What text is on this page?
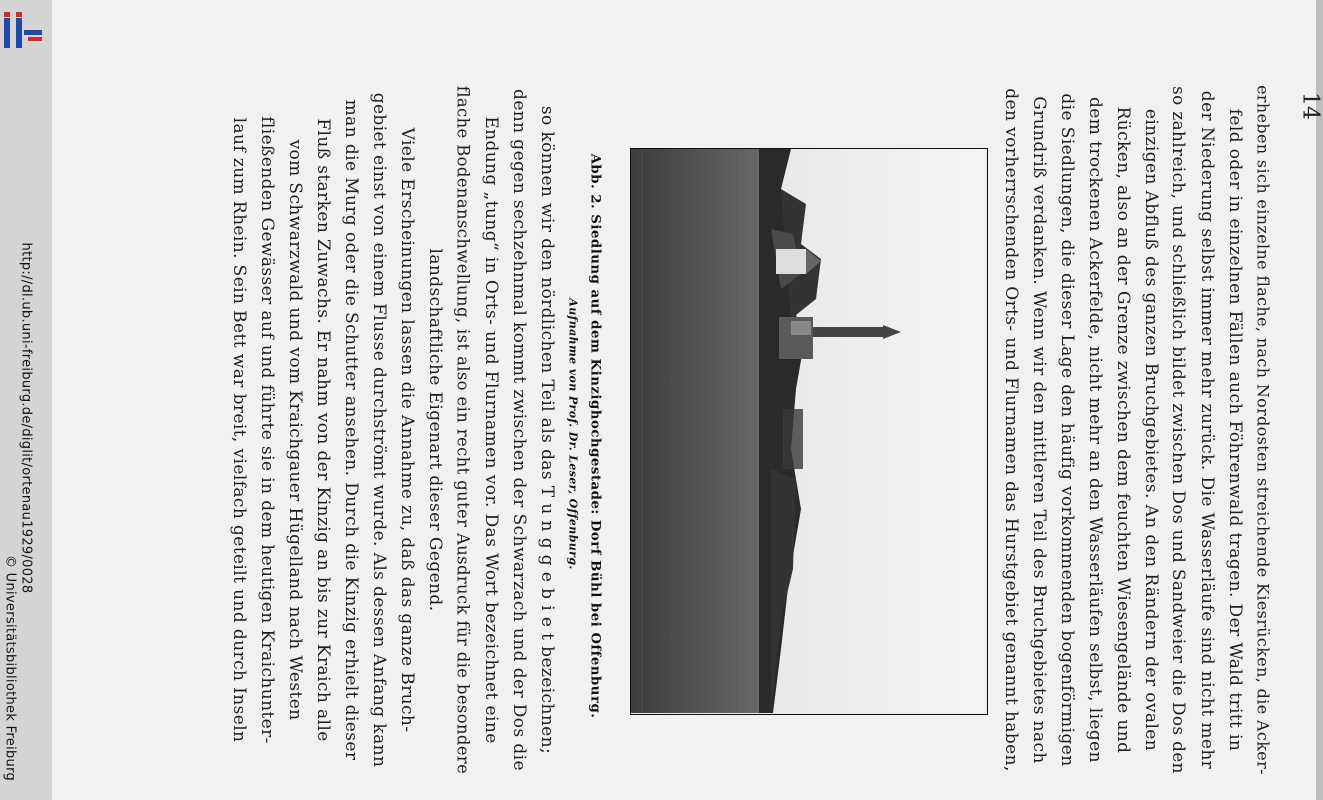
http://dl.ub.uni-freiburg.de/diglit/ortenau1929/0028
© Universitätsbibliothek Freiburg
14
erheben sich einzelne flache, nach Nordosten streichende Kiesrücken, die Acker-
feld oder in einzelnen Fällen auch Föhrenwald tragen. Der Wald tritt in
der Niederung selbst immer mehr zurück. Die Wasserläufe sind nicht mehr
so zahlreich, und schließlich bildet zwischen Dos und Sandweier die Dos den
einzigen Abfluß des ganzen Bruchgebietes. An den Rändern der ovalen
Rücken, also an der Grenze zwischen dem feuchten Wiesengelände und
dem trockenen Ackerfelde, nicht mehr an den Wasserläufen selbst, liegen
die Siedlungen, die dieser Lage den häufig vorkommenden bogenförmigen
Grundriß verdanken. Wenn wir den mittleren Teil des Bruchgebietes nach
den vorherrschenden Orts- und Flurnamen das Hurstgebiet genannt haben,
Abb. 2. Siedlung auf dem Kinzighochgestade: Dorf Bühl bei Offenburg.
Aufnahme von Prof. Dr. Leser, Offenburg.
so können wir den nördlichen Teil als das T u n g g e b i e t bezeichnen;
denn gegen sechzehnmal kommt zwischen der Schwarzach und der Dos die
Endung „tung“ in Orts- und Flurnamen vor. Das Wort bezeichnet eine
flache Bodenanschwellung, ist also ein recht guter Ausdruck für die besondere
landschaftliche Eigenart dieser Gegend.
Viele Erscheinungen lassen die Annahme zu, daß das ganze Bruch-
gebiet einst von einem Flusse durchströmt wurde. Als dessen Anfang kann
man die Murg oder die Schutter ansehen. Durch die Kinzig erhielt dieser
Fluß starken Zuwachs. Er nahm von der Kinzig an bis zur Kraich alle
vom Schwarzwald und vom Kraichgauer Hügelland nach Westen
fließenden Gewässer auf und führte sie in dem heutigen Kraichunter-
lauf zum Rhein. Sein Bett war breit, vielfach geteilt und durch Inseln
